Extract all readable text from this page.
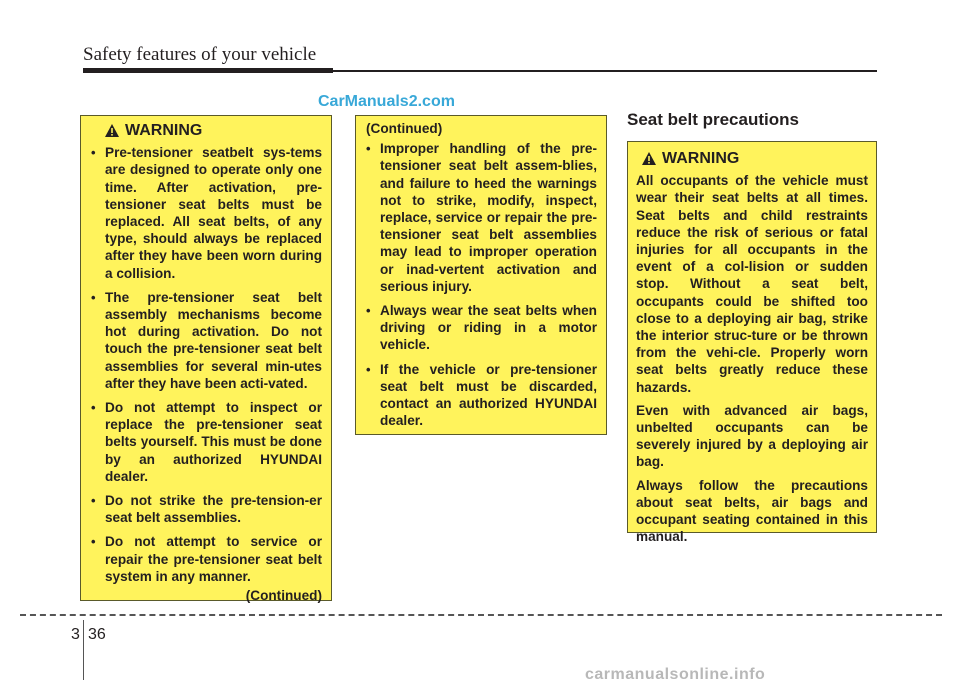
Safety features of your vehicle
CarManuals2.com
WARNING
• Pre-tensioner seatbelt sys-tems are designed to operate only one time. After activation, pre-tensioner seat belts must be replaced. All seat belts, of any type, should always be replaced after they have been worn during a collision.
• The pre-tensioner seat belt assembly mechanisms become hot during activation. Do not touch the pre-tensioner seat belt assemblies for several min-utes after they have been acti-vated.
• Do not attempt to inspect or replace the pre-tensioner seat belts yourself. This must be done by an authorized HYUNDAI dealer.
• Do not strike the pre-tension-er seat belt assemblies.
• Do not attempt to service or repair the pre-tensioner seat belt system in any manner.
(Continued)
(Continued)
• Improper handling of the pre-tensioner seat belt assem-blies, and failure to heed the warnings not to strike, modify, inspect, replace, service or repair the pre-tensioner seat belt assemblies may lead to improper operation or inad-vertent activation and serious injury.
• Always wear the seat belts when driving or riding in a motor vehicle.
• If the vehicle or pre-tensioner seat belt must be discarded, contact an authorized HYUNDAI dealer.
Seat belt precautions
WARNING
All occupants of the vehicle must wear their seat belts at all times. Seat belts and child restraints reduce the risk of serious or fatal injuries for all occupants in the event of a col-lision or sudden stop. Without a seat belt, occupants could be shifted too close to a deploying air bag, strike the interior struc-ture or be thrown from the vehi-cle. Properly worn seat belts greatly reduce these hazards.
Even with advanced air bags, unbelted occupants can be severely injured by a deploying air bag.
Always follow the precautions about seat belts, air bags and occupant seating contained in this manual.
3 36
carmanualsonline.info
